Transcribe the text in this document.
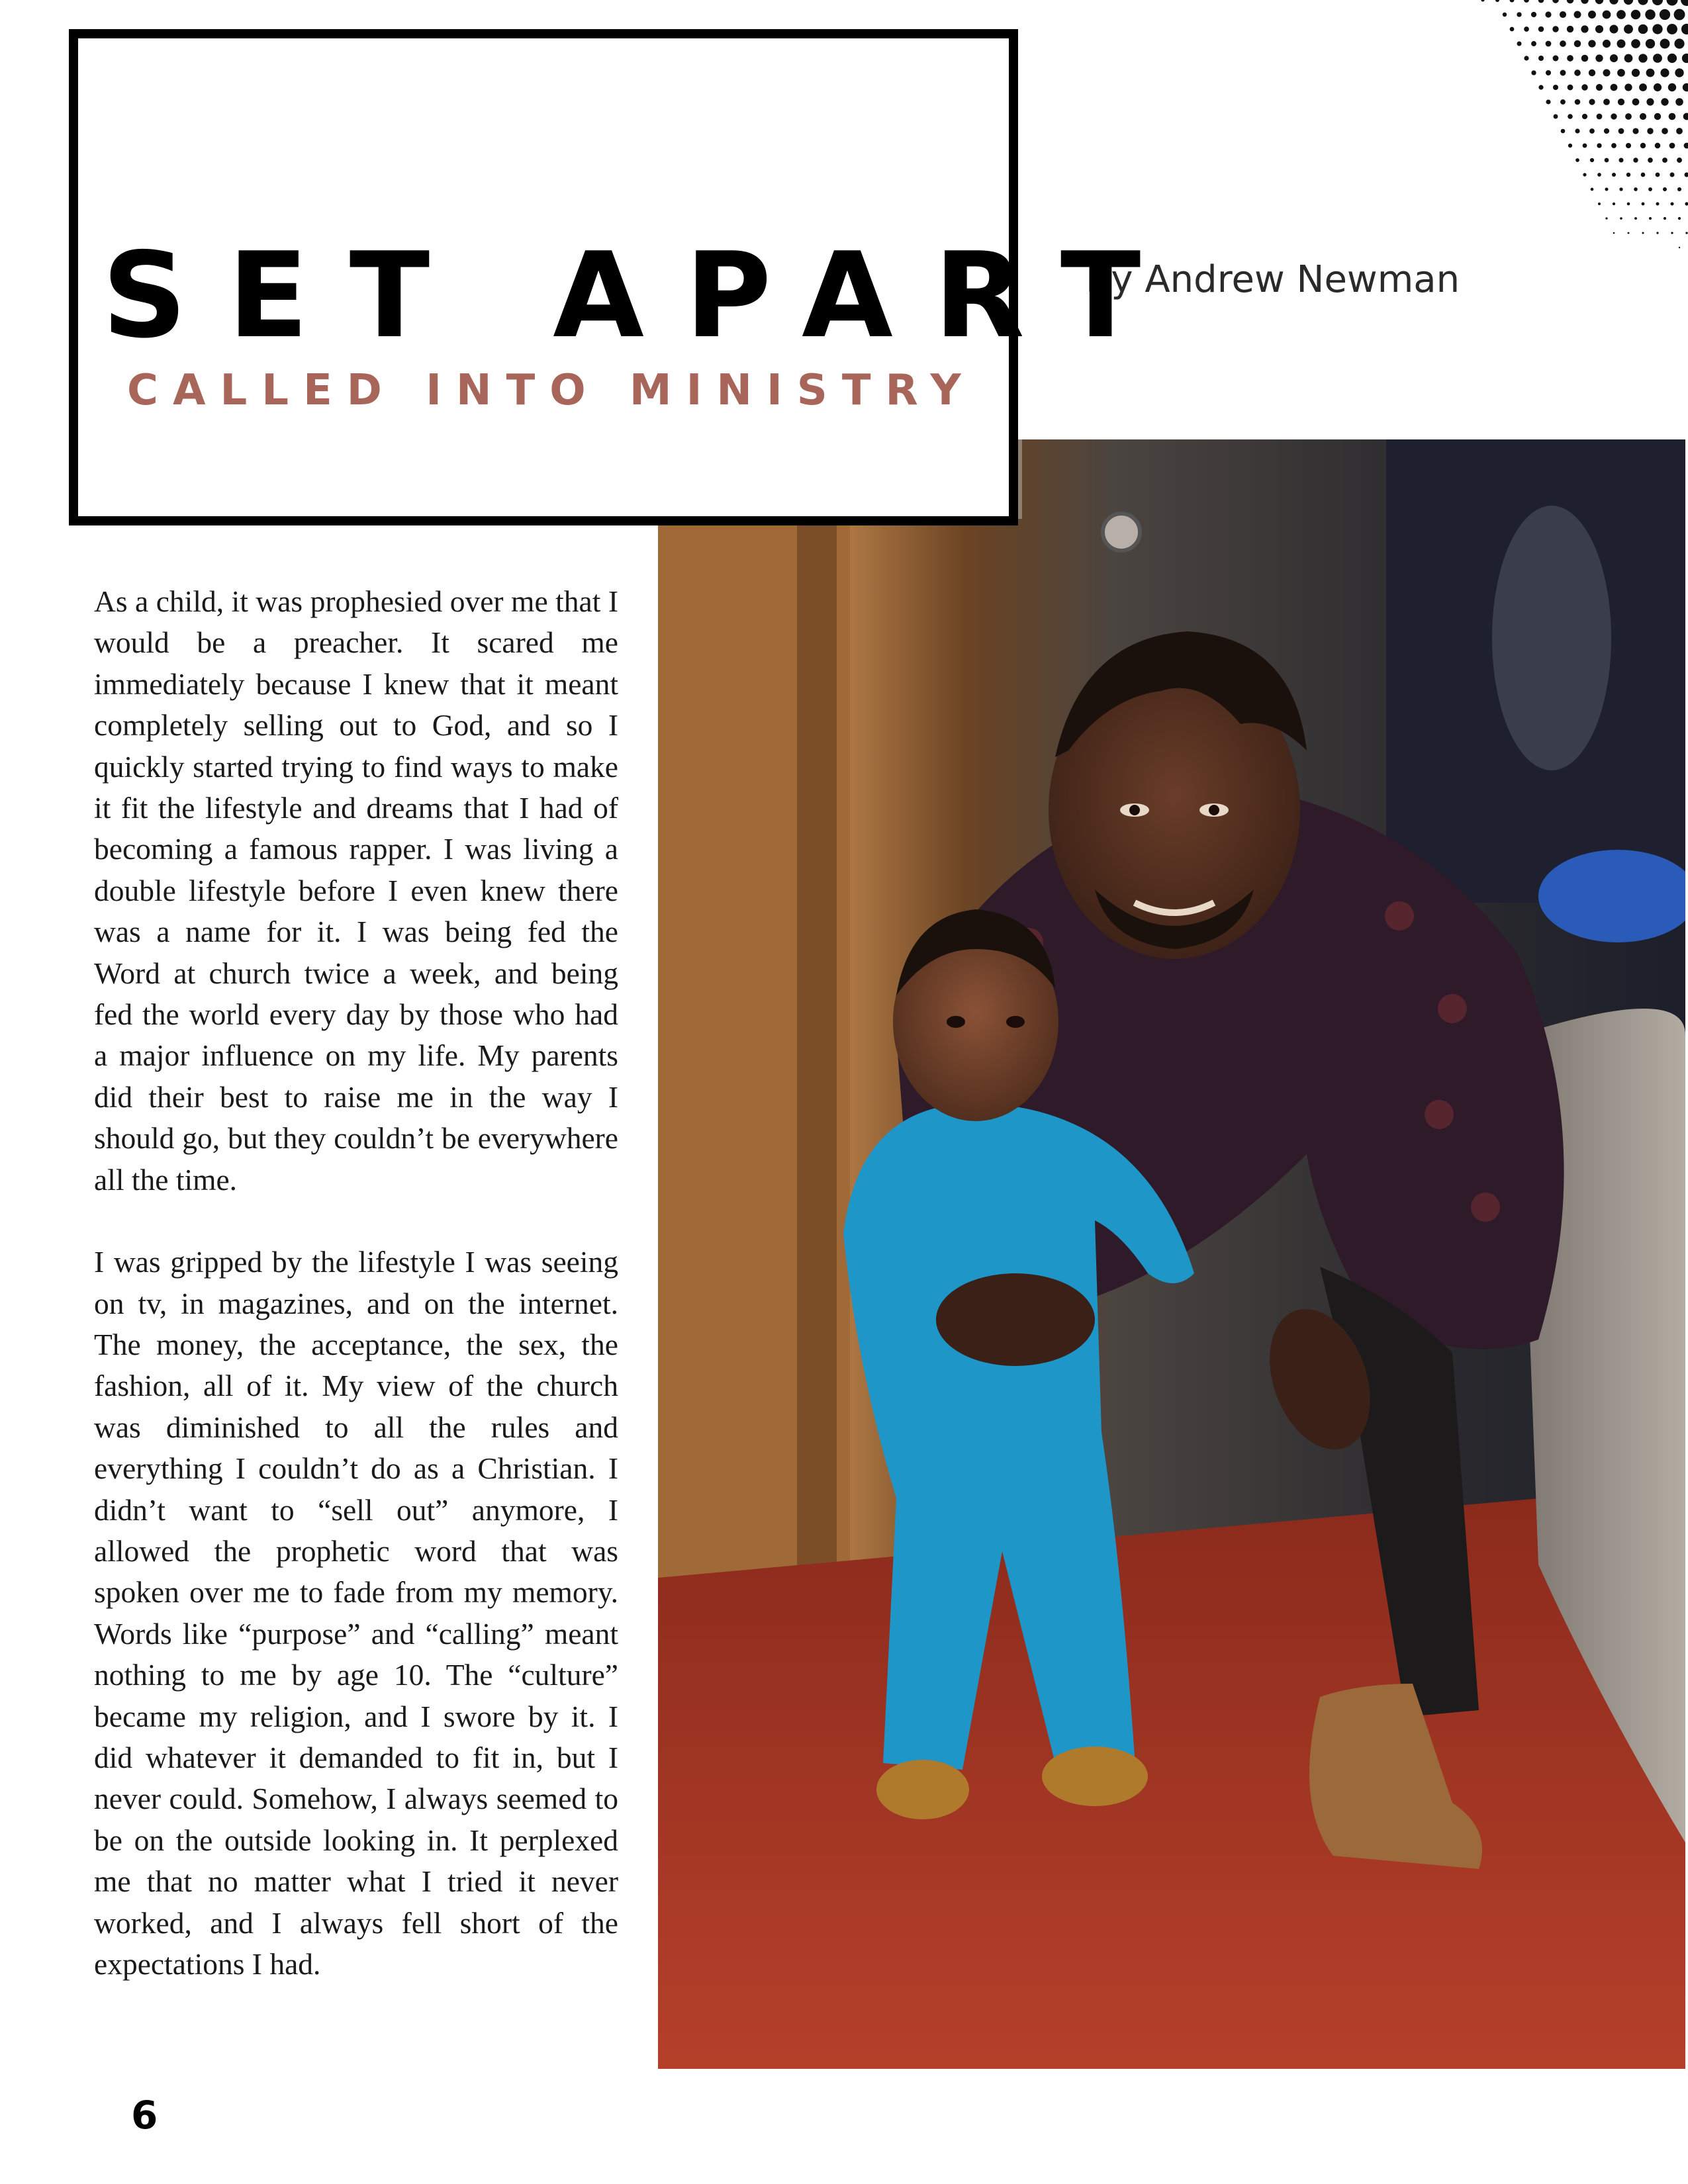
SET APART
CALLED INTO MINISTRY
By Andrew Newman

As a child, it was prophesied over me that I would be a preacher. It scared me immediately because I knew that it meant completely selling out to God, and so I quickly started trying to find ways to make it fit the lifestyle and dreams that I had of becoming a famous rapper. I was living a double lifestyle before I even knew there was a name for it. I was being fed the Word at church twice a week, and being fed the world every day by those who had a major influence on my life. My parents did their best to raise me in the way I should go, but they couldn’t be everywhere all the time.

I was gripped by the lifestyle I was seeing on tv, in magazines, and on the internet. The money, the acceptance, the sex, the fashion, all of it. My view of the church was diminished to all the rules and everything I couldn’t do as a Christian. I didn’t want to “sell out” anymore, I allowed the prophetic word that was spoken over me to fade from my memory. Words like “purpose” and “calling” meant nothing to me by age 10. The “culture” became my religion, and I swore by it. I did whatever it demanded to fit in, but I never could. Somehow, I always seemed to be on the outside looking in. It perplexed me that no matter what I tried it never worked, and I always fell short of the expectations I had.

6
